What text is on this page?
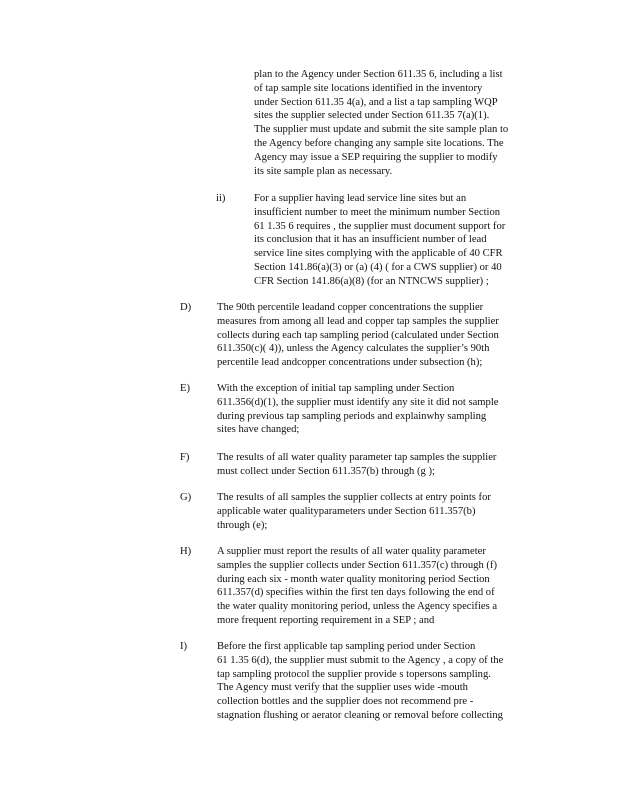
plan to the Agency under Section 611.35 6, including a list
of tap sample site locations identified in the inventory
under Section 611.35 4(a), and a list a tap sampling WQP
sites the supplier selected under Section 611.35 7(a)(1).
The supplier must update and submit the site sample plan to
the Agency before changing any sample site locations. The
Agency may issue a SEP requiring the supplier to modify
its site sample plan as necessary.
ii)	For a supplier having lead service line sites but an
insufficient number to meet the minimum number Section
61 1.35 6 requires , the supplier must document support for
its conclusion that it has an insufficient number of lead
service line sites complying with the applicable of 40 CFR
Section 141.86(a)(3) or (a) (4) ( for a CWS supplier) or 40
CFR Section 141.86(a)(8) (for an NTNCWS supplier) ;
D) The 90th percentile leadand copper concentrations the supplier
measures from among all lead and copper tap samples the supplier
collects during each tap sampling period (calculated under Section
611.350(c)( 4)), unless the Agency calculates the supplier’s 90th
percentile lead andcopper concentrations under subsection (h);
E)	With the exception of initial tap sampling under Section
611.356(d)(1), the supplier must identify any site it did not sample
during previous tap sampling periods and explainwhy sampling
sites have changed;
F)	The results of all water quality parameter tap samples the supplier
must collect under Section 611.357(b) through (g );
G) The results of all samples the supplier collects at entry points for
applicable water qualityparameters under Section 611.357(b)
through (e);
H) A supplier must report the results of all water quality parameter
samples the supplier collects under Section 611.357(c) through (f)
during each six - month water quality monitoring period Section
611.357(d) specifies within the first ten days following the end of
the water quality monitoring period, unless the Agency specifies a
more frequent reporting requirement in a SEP ; and
I)	Before the first applicable tap sampling period under Section
61 1.35 6(d), the supplier must submit to the Agency , a copy of the
tap sampling protocol the supplier provide s topersons sampling.
The Agency must verify that the supplier uses wide -mouth
collection bottles and the supplier does not recommend pre -
stagnation flushing or aerator cleaning or removal before collecting
